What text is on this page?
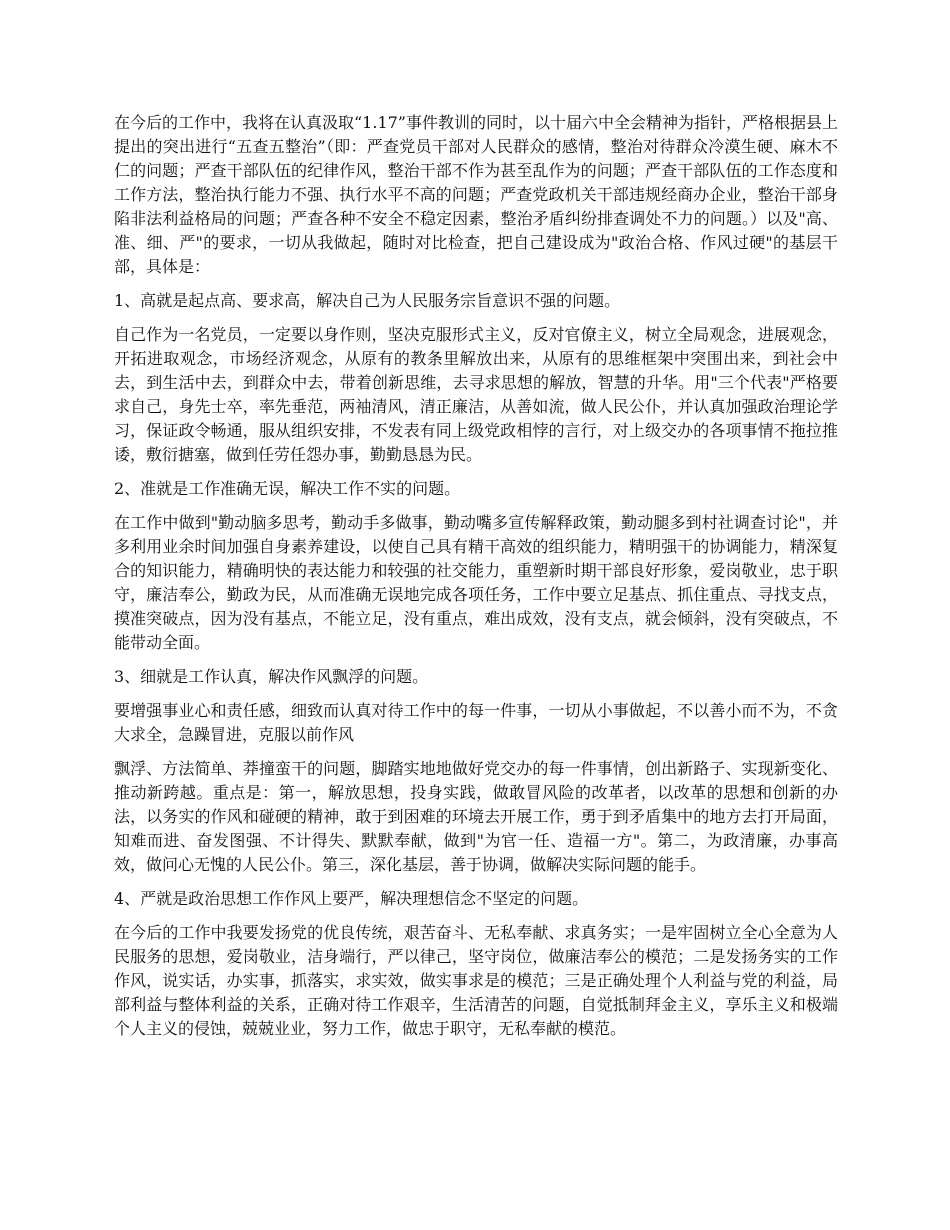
在今后的工作中，我将在认真汲取“1.17”事件教训的同时，以十届六中全会精神为指针，严格根据县上提出的突出进行“五查五整治”（即：严查党员干部对人民群众的感情，整治对待群众冷漠生硬、麻木不仁的问题；严查干部队伍的纪律作风，整治干部不作为甚至乱作为的问题；严查干部队伍的工作态度和工作方法，整治执行能力不强、执行水平不高的问题；严查党政机关干部违规经商办企业，整治干部身陷非法利益格局的问题；严查各种不安全不稳定因素，整治矛盾纠纷排查调处不力的问题。）以及"高、准、细、严"的要求，一切从我做起，随时对比检查，把自己建设成为"政治合格、作风过硬"的基层干部，具体是：

1、高就是起点高、要求高，解决自己为人民服务宗旨意识不强的问题。

自己作为一名党员，一定要以身作则，坚决克服形式主义，反对官僚主义，树立全局观念，进展观念，开拓进取观念，市场经济观念，从原有的教条里解放出来，从原有的思维框架中突围出来，到社会中去，到生活中去，到群众中去，带着创新思维，去寻求思想的解放，智慧的升华。用"三个代表"严格要求自己，身先士卒，率先垂范，两袖清风，清正廉洁，从善如流，做人民公仆，并认真加强政治理论学习，保证政令畅通，服从组织安排，不发表有同上级党政相悖的言行，对上级交办的各项事情不拖拉推诿，敷衍搪塞，做到任劳任怨办事，勤勤恳恳为民。

2、准就是工作准确无误，解决工作不实的问题。

在工作中做到"勤动脑多思考，勤动手多做事，勤动嘴多宣传解释政策，勤动腿多到村社调查讨论"，并多利用业余时间加强自身素养建设，以使自己具有精干高效的组织能力，精明强干的协调能力，精深复合的知识能力，精确明快的表达能力和较强的社交能力，重塑新时期干部良好形象，爱岗敬业，忠于职守，廉洁奉公，勤政为民，从而准确无误地完成各项任务，工作中要立足基点、抓住重点、寻找支点，摸准突破点，因为没有基点，不能立足，没有重点，难出成效，没有支点，就会倾斜，没有突破点，不能带动全面。

3、细就是工作认真，解决作风飘浮的问题。

要增强事业心和责任感，细致而认真对待工作中的每一件事，一切从小事做起，不以善小而不为，不贪大求全，急躁冒进，克服以前作风

飘浮、方法简单、莽撞蛮干的问题，脚踏实地地做好党交办的每一件事情，创出新路子、实现新变化、推动新跨越。重点是：第一，解放思想，投身实践，做敢冒风险的改革者，以改革的思想和创新的办法，以务实的作风和碰硬的精神，敢于到困难的环境去开展工作，勇于到矛盾集中的地方去打开局面，知难而进、奋发图强、不计得失、默默奉献，做到"为官一任、造福一方"。第二，为政清廉，办事高效，做问心无愧的人民公仆。第三，深化基层，善于协调，做解决实际问题的能手。

4、严就是政治思想工作作风上要严，解决理想信念不坚定的问题。

在今后的工作中我要发扬党的优良传统，艰苦奋斗、无私奉献、求真务实；一是牢固树立全心全意为人民服务的思想，爱岗敬业，洁身端行，严以律己，坚守岗位，做廉洁奉公的模范；二是发扬务实的工作作风，说实话，办实事，抓落实，求实效，做实事求是的模范；三是正确处理个人利益与党的利益，局部利益与整体利益的关系，正确对待工作艰辛，生活清苦的问题，自觉抵制拜金主义，享乐主义和极端个人主义的侵蚀，兢兢业业，努力工作，做忠于职守，无私奉献的模范。
